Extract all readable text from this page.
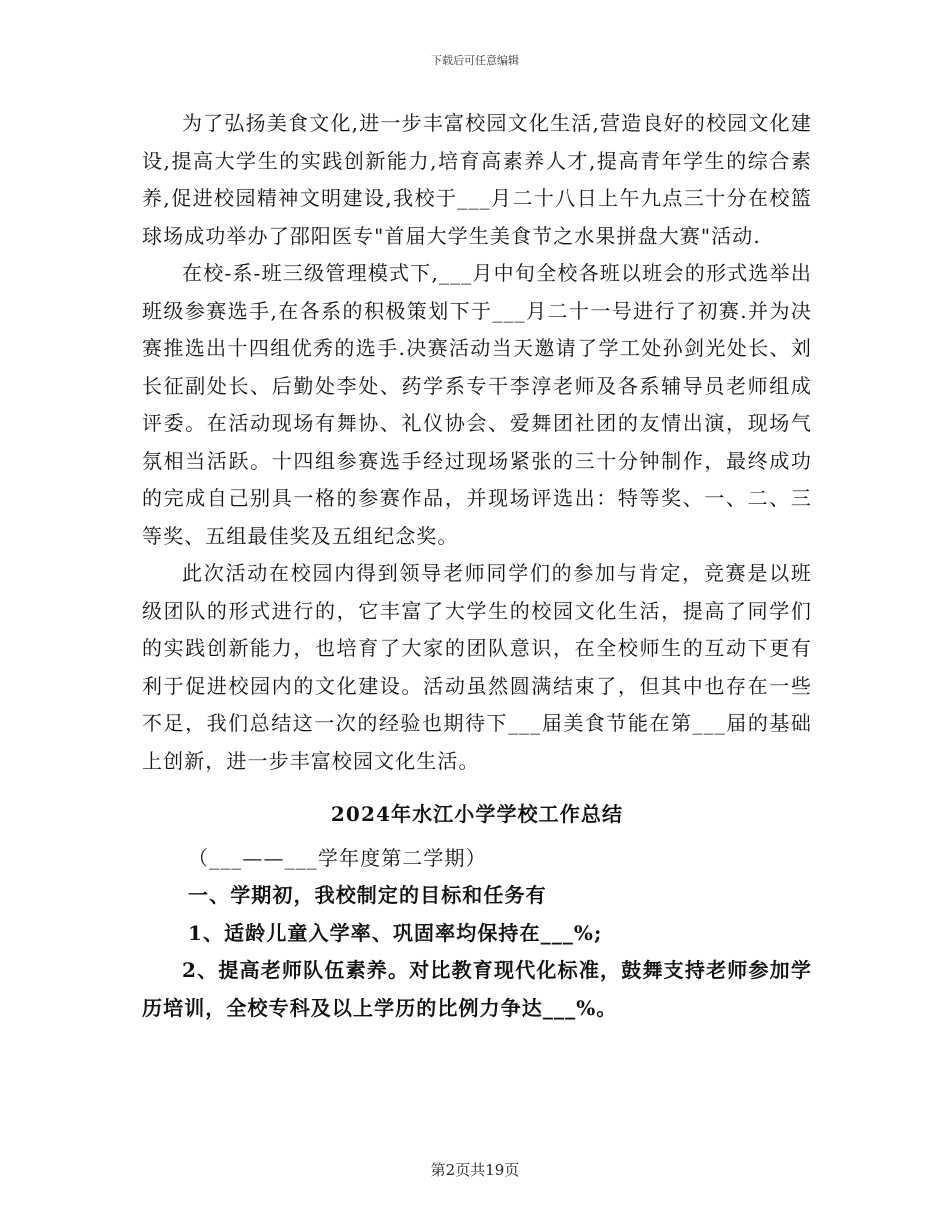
下载后可任意编辑

为了弘扬美食文化,进一步丰富校园文化生活,营造良好的校园文化建设,提高大学生的实践创新能力,培育高素养人才,提高青年学生的综合素养,促进校园精神文明建设,我校于___月二十八日上午九点三十分在校篮球场成功举办了邵阳医专"首届大学生美食节之水果拼盘大赛"活动.

在校-系-班三级管理模式下,___月中旬全校各班以班会的形式选举出班级参赛选手,在各系的积极策划下于___月二十一号进行了初赛.并为决赛推选出十四组优秀的选手.决赛活动当天邀请了学工处孙剑光处长、刘长征副处长、后勤处李处、药学系专干李淳老师及各系辅导员老师组成评委。在活动现场有舞协、礼仪协会、爱舞团社团的友情出演，现场气氛相当活跃。十四组参赛选手经过现场紧张的三十分钟制作，最终成功的完成自己别具一格的参赛作品，并现场评选出：特等奖、一、二、三等奖、五组最佳奖及五组纪念奖。

此次活动在校园内得到领导老师同学们的参加与肯定，竞赛是以班级团队的形式进行的，它丰富了大学生的校园文化生活，提高了同学们的实践创新能力，也培育了大家的团队意识，在全校师生的互动下更有利于促进校园内的文化建设。活动虽然圆满结束了，但其中也存在一些不足，我们总结这一次的经验也期待下___届美食节能在第___届的基础上创新，进一步丰富校园文化生活。

2024年水江小学学校工作总结

（___——___学年度第二学期）

一、学期初，我校制定的目标和任务有

1、适龄儿童入学率、巩固率均保持在___%;

2、提高老师队伍素养。对比教育现代化标准，鼓舞支持老师参加学历培训，全校专科及以上学历的比例力争达___%。

第2页共19页
